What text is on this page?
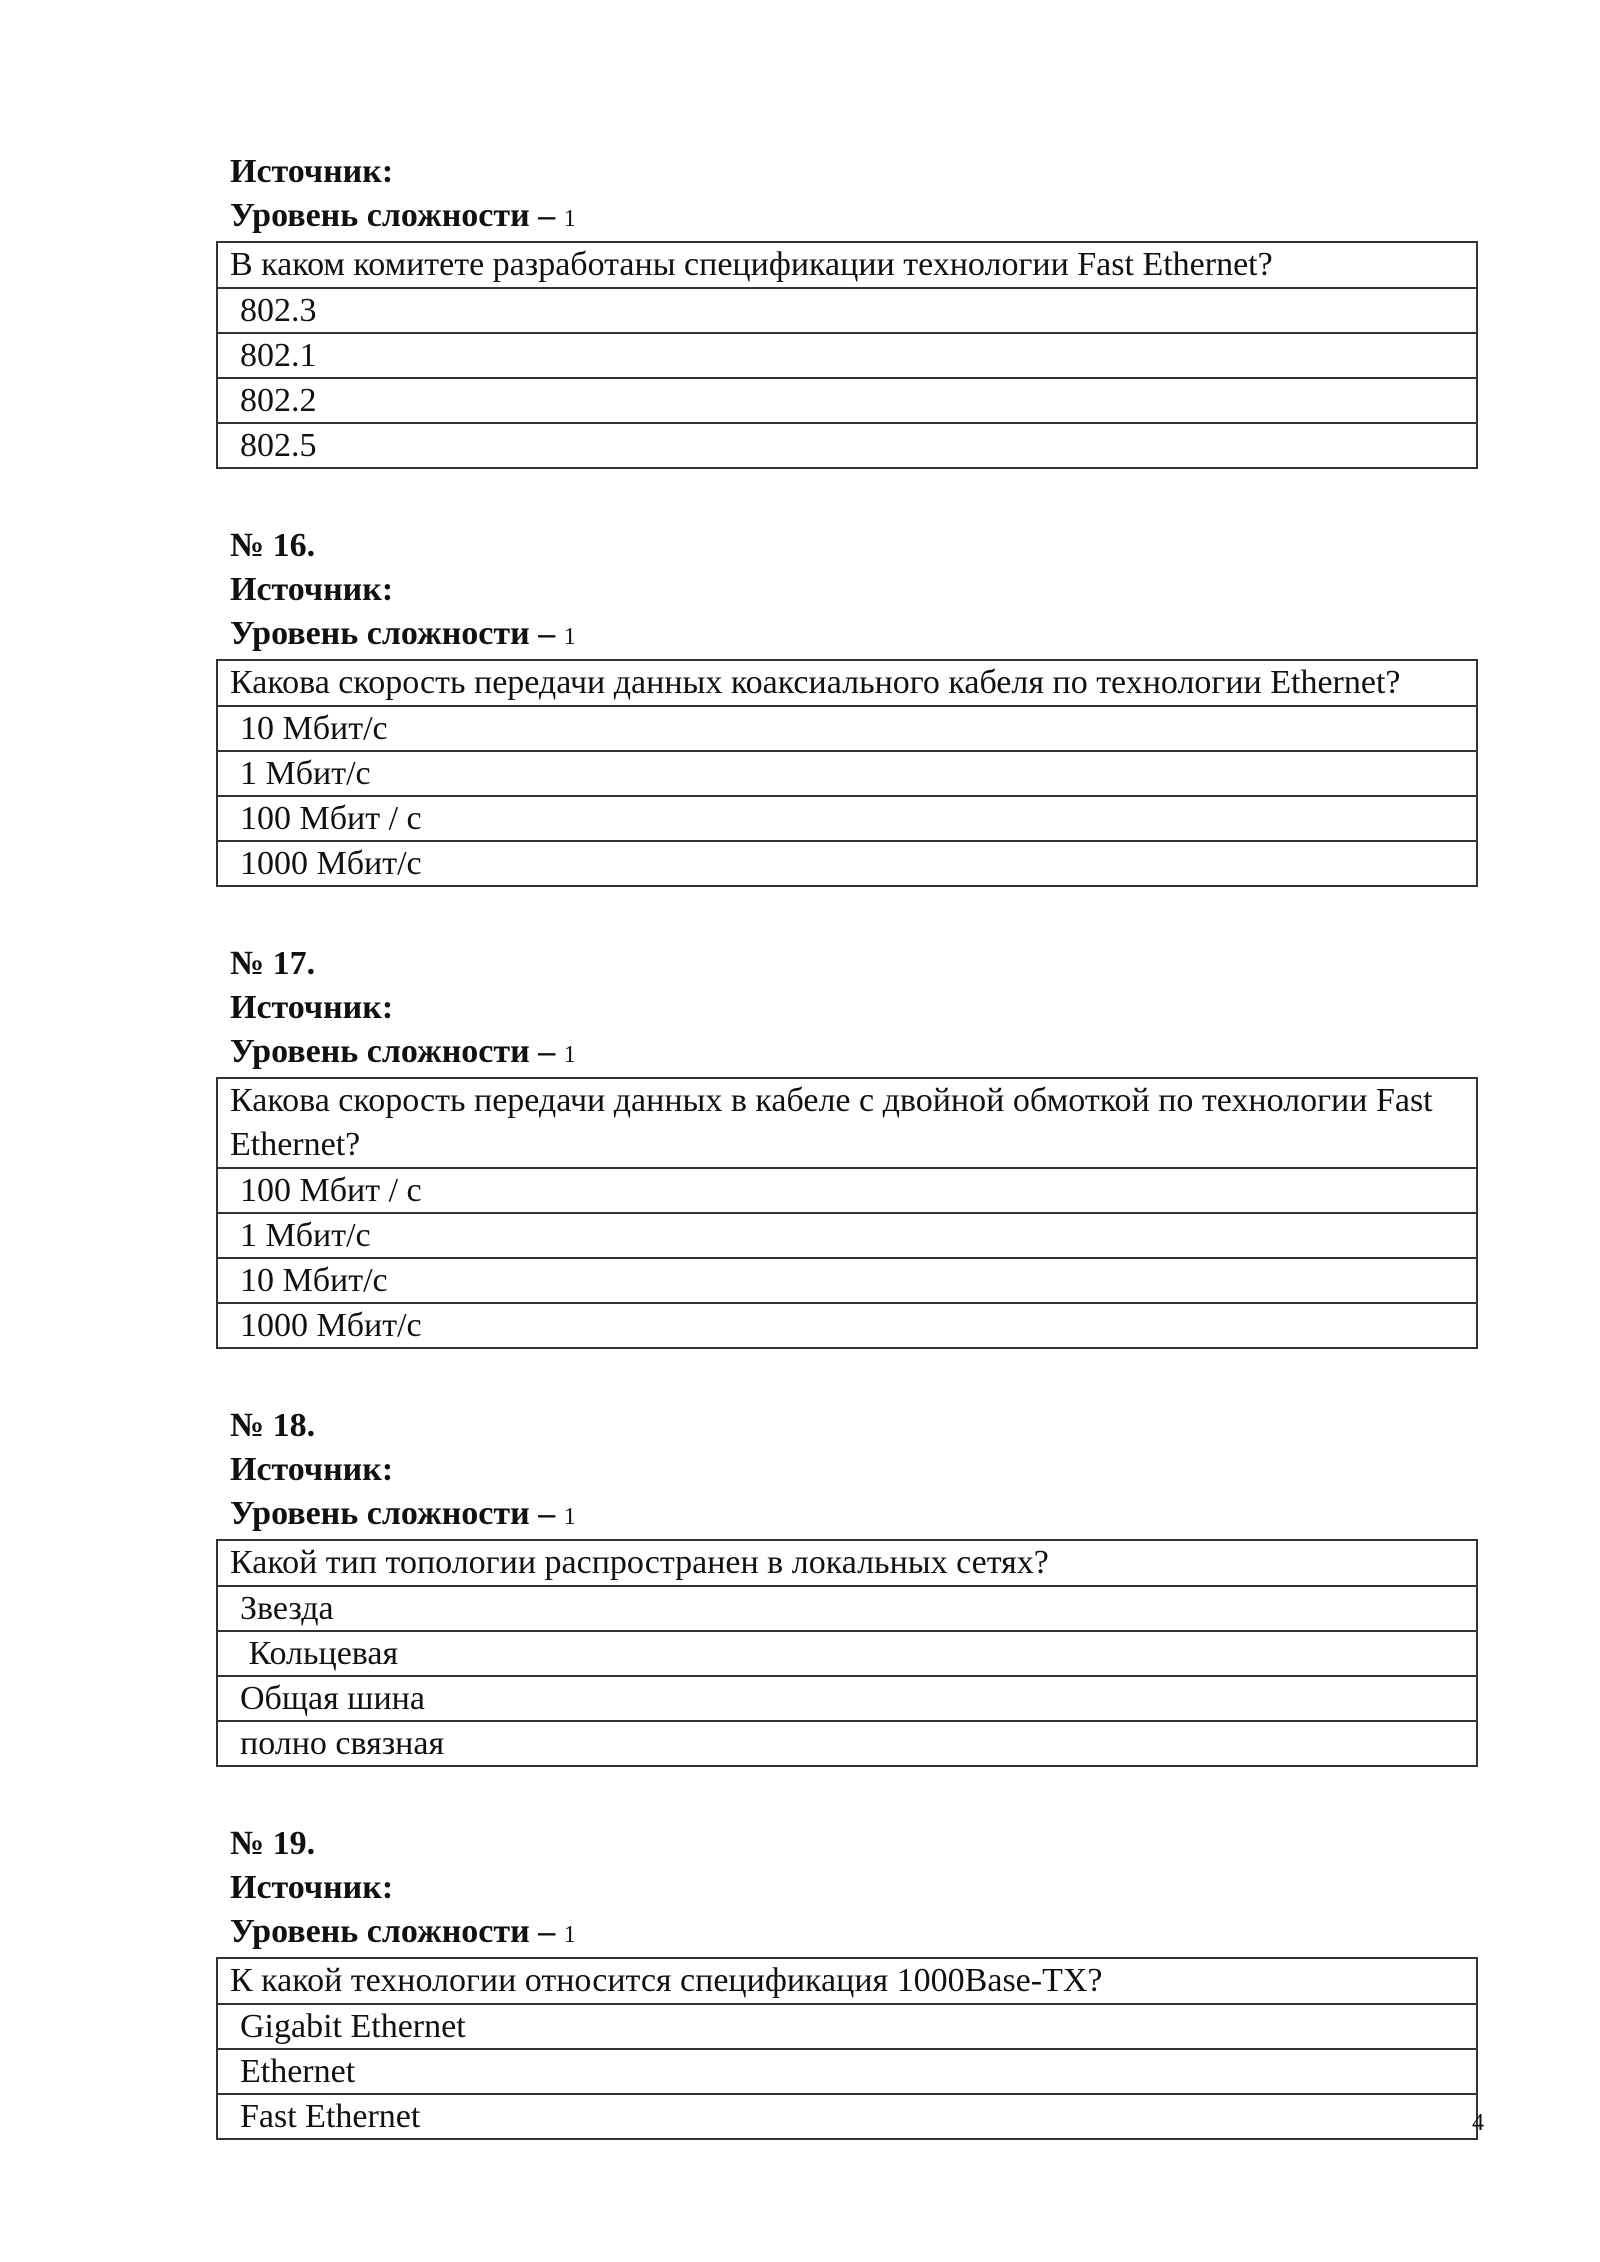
Источник:
Уровень сложности – 1
В каком комитете разработаны спецификации технологии Fast Ethernet?
802.3
802.1
802.2
802.5
№ 16.
Источник:
Уровень сложности – 1
Какова скорость передачи данных коаксиального кабеля по технологии Ethernet?
10 Мбит/с
1 Мбит/с
100 Мбит / с
1000 Мбит/с
№ 17.
Источник:
Уровень сложности – 1
Какова скорость передачи данных в кабеле с двойной обмоткой по технологии Fast Ethernet?
100 Мбит / с
1 Мбит/с
10 Мбит/с
1000 Мбит/с
№ 18.
Источник:
Уровень сложности – 1
Какой тип топологии распространен в локальных сетях?
Звезда
Кольцевая
Общая шина
полно связная
№ 19.
Источник:
Уровень сложности – 1
К какой технологии относится спецификация 1000Base-TX?
Gigabit Ethernet
Ethernet
Fast Ethernet	4
